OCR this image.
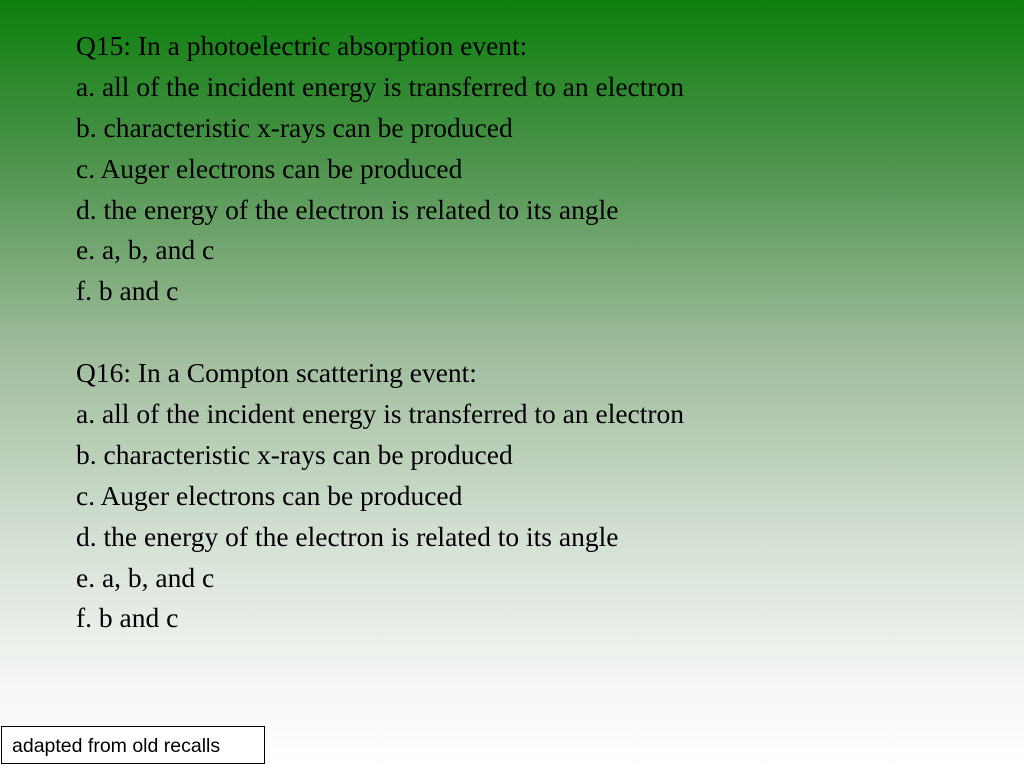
Q15: In a photoelectric absorption event:
a. all of the incident energy is transferred to an electron
b. characteristic x-rays can be produced
c. Auger electrons can be produced
d. the energy of the electron is related to its angle
e. a, b, and c
f. b and c
Q16: In a Compton scattering event:
a. all of the incident energy is transferred to an electron
b. characteristic x-rays can be produced
c. Auger electrons can be produced
d. the energy of the electron is related to its angle
e. a, b, and c
f. b and c
adapted from old recalls
